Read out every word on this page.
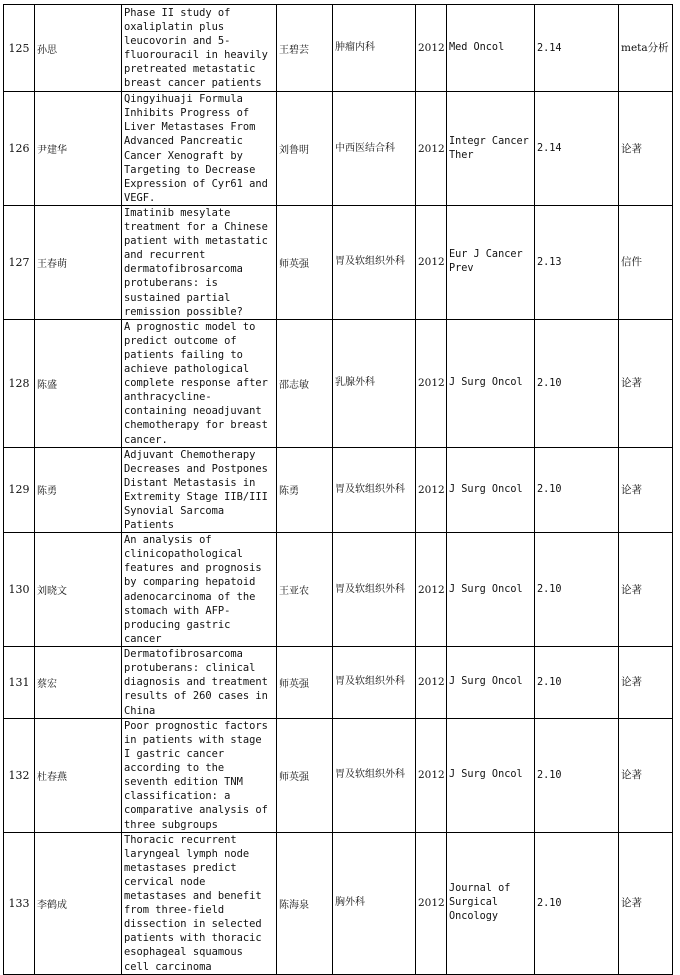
125	孙思	Phase II study of oxaliplatin plus leucovorin and 5-fluorouracil in heavily pretreated metastatic breast cancer patients	王碧芸	肿瘤内科	2012	Med Oncol	2.14	meta分析
126	尹建华	Qingyihuaji Formula Inhibits Progress of Liver Metastases From Advanced Pancreatic Cancer Xenograft by Targeting to Decrease Expression of Cyr61 and VEGF.	刘鲁明	中西医结合科	2012	Integr Cancer Ther	2.14	论著
127	王春萌	Imatinib mesylate treatment for a Chinese patient with metastatic and recurrent dermatofibrosarcoma protuberans: is sustained partial remission possible?	师英强	胃及软组织外科	2012	Eur J Cancer Prev	2.13	信件
128	陈盛	A prognostic model to predict outcome of patients failing to achieve pathological complete response after anthracycline-containing neoadjuvant chemotherapy for breast cancer.	邵志敏	乳腺外科	2012	J Surg Oncol	2.10	论著
129	陈勇	Adjuvant Chemotherapy Decreases and Postpones Distant Metastasis in Extremity Stage IIB/III Synovial Sarcoma Patients	陈勇	胃及软组织外科	2012	J Surg Oncol	2.10	论著
130	刘晓文	An analysis of clinicopathological features and prognosis by comparing hepatoid adenocarcinoma of the stomach with AFP-producing gastric cancer	王亚农	胃及软组织外科	2012	J Surg Oncol	2.10	论著
131	蔡宏	Dermatofibrosarcoma protuberans: clinical diagnosis and treatment results of 260 cases in China	师英强	胃及软组织外科	2012	J Surg Oncol	2.10	论著
132	杜春燕	Poor prognostic factors in patients with stage I gastric cancer according to the seventh edition TNM classification: a comparative analysis of three subgroups	师英强	胃及软组织外科	2012	J Surg Oncol	2.10	论著
133	李鹤成	Thoracic recurrent laryngeal lymph node metastases predict cervical node metastases and benefit from three-field dissection in selected patients with thoracic esophageal squamous cell carcinoma	陈海泉	胸外科	2012	Journal of Surgical Oncology	2.10	论著
